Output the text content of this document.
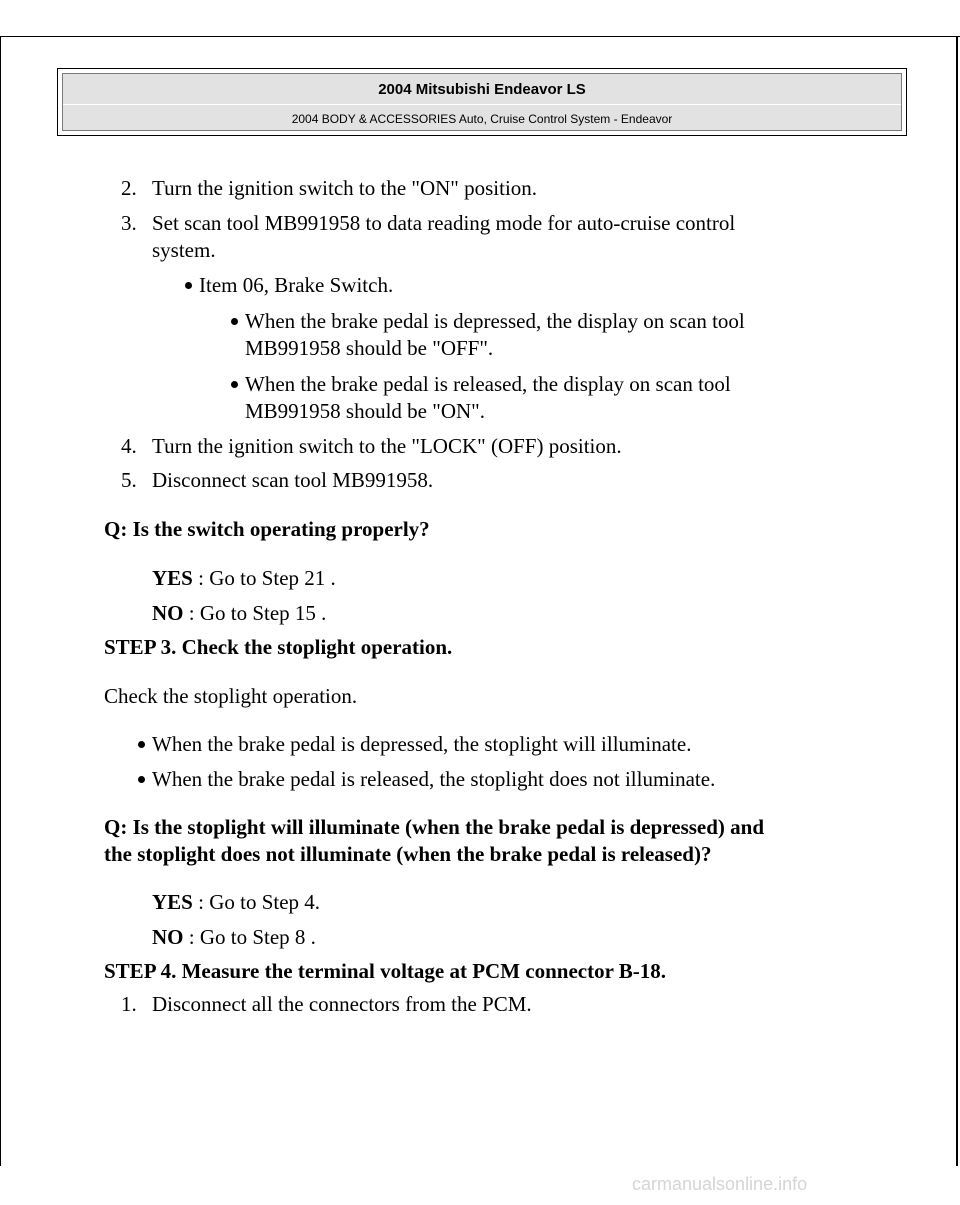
2004 Mitsubishi Endeavor LS
2004 BODY & ACCESSORIES Auto, Cruise Control System - Endeavor
2. Turn the ignition switch to the "ON" position.
3. Set scan tool MB991958 to data reading mode for auto-cruise control
system.
Item 06, Brake Switch.
When the brake pedal is depressed, the display on scan tool
MB991958 should be "OFF".
When the brake pedal is released, the display on scan tool
MB991958 should be "ON".
4. Turn the ignition switch to the "LOCK" (OFF) position.
5. Disconnect scan tool MB991958.
Q: Is the switch operating properly?
YES : Go to Step 21 .
NO : Go to Step 15 .
STEP 3. Check the stoplight operation.
Check the stoplight operation.
When the brake pedal is depressed, the stoplight will illuminate.
When the brake pedal is released, the stoplight does not illuminate.
Q: Is the stoplight will illuminate (when the brake pedal is depressed) and
the stoplight does not illuminate (when the brake pedal is released)?
YES : Go to Step 4.
NO : Go to Step 8 .
STEP 4. Measure the terminal voltage at PCM connector B-18.
1. Disconnect all the connectors from the PCM.
carmanualsonline.info
